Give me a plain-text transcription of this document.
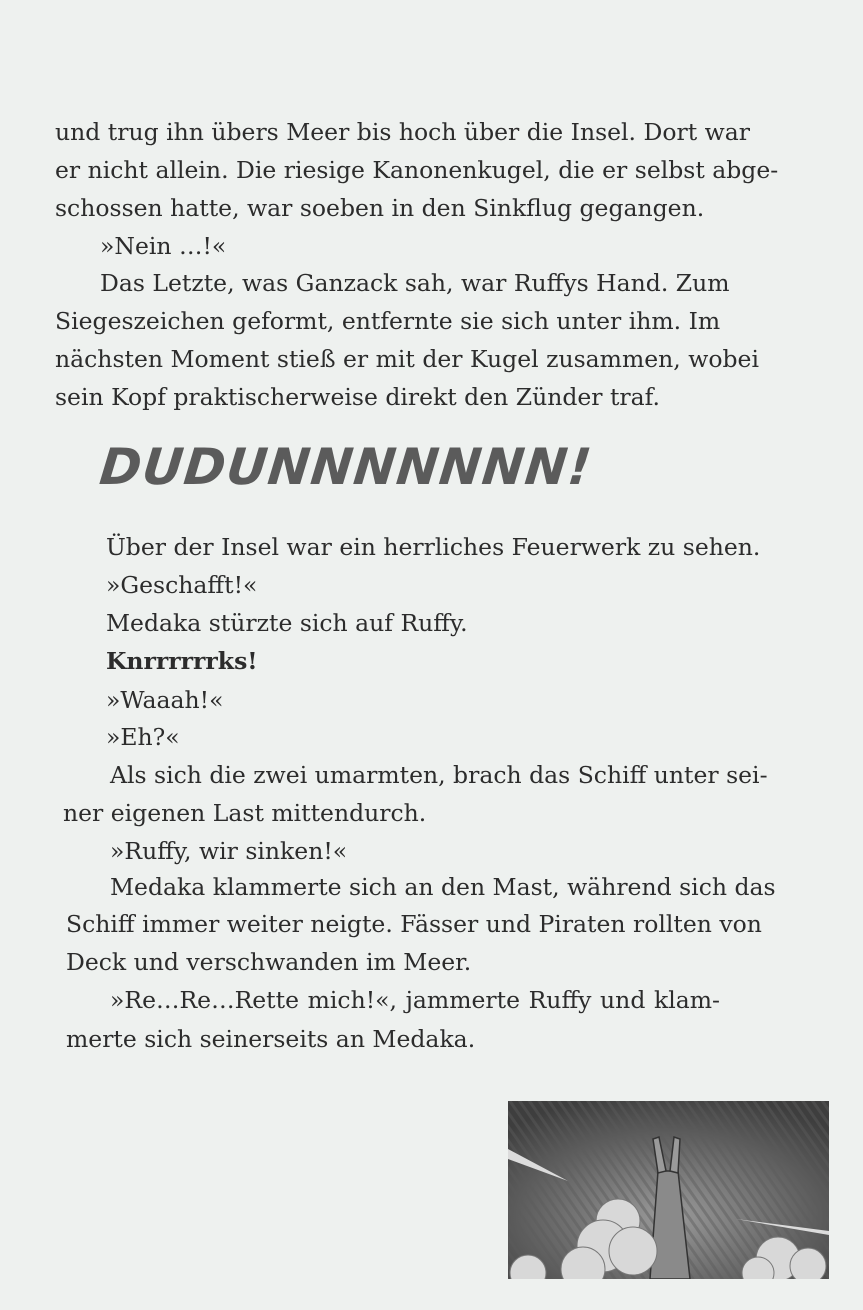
und trug ihn übers Meer bis hoch über die Insel. Dort war
er nicht allein. Die riesige Kanonenkugel, die er selbst abge-
schossen hatte, war soeben in den Sinkflug gegangen.
»Nein …!«
Das Letzte, was Ganzack sah, war Ruffys Hand. Zum
Siegeszeichen geformt, entfernte sie sich unter ihm. Im
nächsten Moment stieß er mit der Kugel zusammen, wobei
sein Kopf praktischerweise direkt den Zünder traf.
DUDUNNNNNNN!
Über der Insel war ein herrliches Feuerwerk zu sehen.
»Geschafft!«
Medaka stürzte sich auf Ruffy.
Knrrrrrrks!
»Waaah!«
»Eh?«
Als sich die zwei umarmten, brach das Schiff unter sei-
ner eigenen Last mittendurch.
»Ruffy, wir sinken!«
Medaka klammerte sich an den Mast, während sich das
Schiff immer weiter neigte. Fässer und Piraten rollten von
Deck und verschwanden im Meer.
»Re…Re…Rette mich!«, jammerte Ruffy und klam-
merte sich seinerseits an Medaka.
